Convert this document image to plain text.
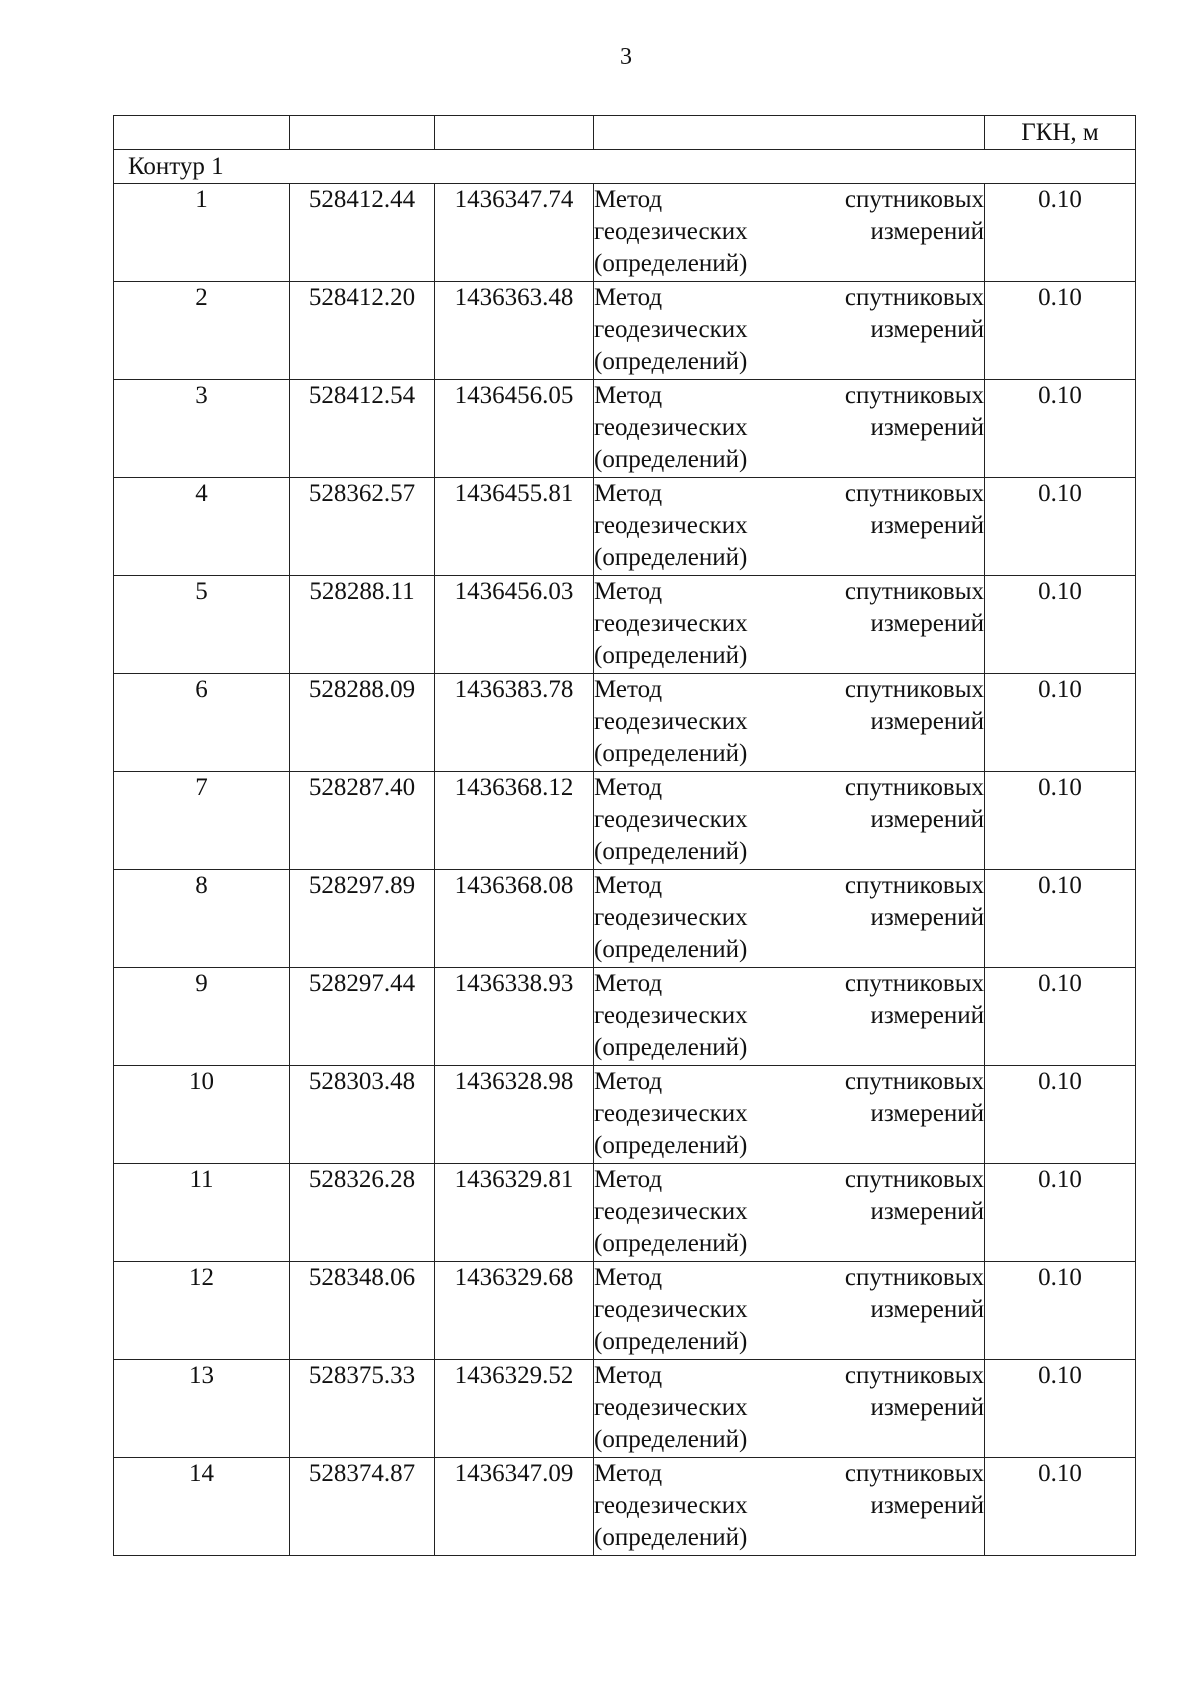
3
				ГКН, м
Контур 1				
1	528412.44	1436347.74	Метод спутниковых
геодезических измерений
(определений)	0.10
2	528412.20	1436363.48	Метод спутниковых
геодезических измерений
(определений)	0.10
3	528412.54	1436456.05	Метод спутниковых
геодезических измерений
(определений)	0.10
4	528362.57	1436455.81	Метод спутниковых
геодезических измерений
(определений)	0.10
5	528288.11	1436456.03	Метод спутниковых
геодезических измерений
(определений)	0.10
6	528288.09	1436383.78	Метод спутниковых
геодезических измерений
(определений)	0.10
7	528287.40	1436368.12	Метод спутниковых
геодезических измерений
(определений)	0.10
8	528297.89	1436368.08	Метод спутниковых
геодезических измерений
(определений)	0.10
9	528297.44	1436338.93	Метод спутниковых
геодезических измерений
(определений)	0.10
10	528303.48	1436328.98	Метод спутниковых
геодезических измерений
(определений)	0.10
11	528326.28	1436329.81	Метод спутниковых
геодезических измерений
(определений)	0.10
12	528348.06	1436329.68	Метод спутниковых
геодезических измерений
(определений)	0.10
13	528375.33	1436329.52	Метод спутниковых
геодезических измерений
(определений)	0.10
14	528374.87	1436347.09	Метод спутниковых
геодезических измерений
(определений)	0.10
